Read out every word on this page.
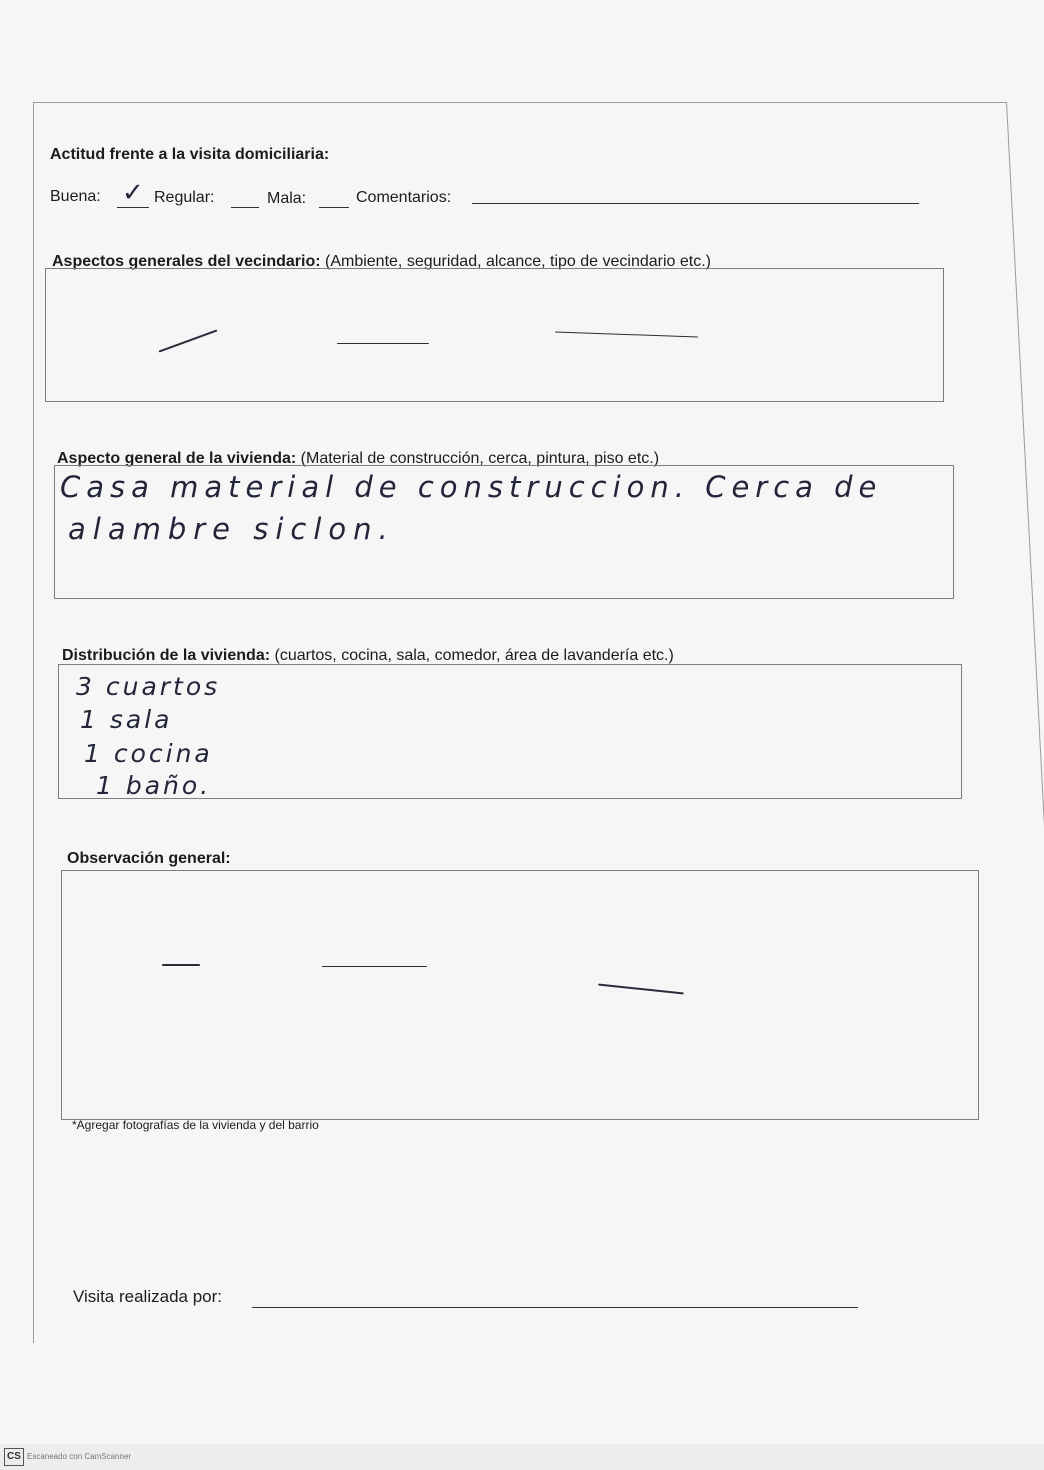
Actitud frente a la visita domiciliaria:
Buena: ✓ Regular:	Mala:	Comentarios:
Aspectos generales del vecindario: (Ambiente, seguridad, alcance, tipo de vecindario etc.)
Aspecto general de la vivienda: (Material de construcción, cerca, pintura, piso etc.)
Casa material de construccion. Cerca de
alambre siclon.
Distribución de la vivienda: (cuartos, cocina, sala, comedor, área de lavandería etc.)
3 cuartos
1 sala
1 cocina
1 baño.
Observación general:
*Agregar fotografías de la vivienda y del barrio
Visita realizada por:
CS Escaneado con CamScanner
